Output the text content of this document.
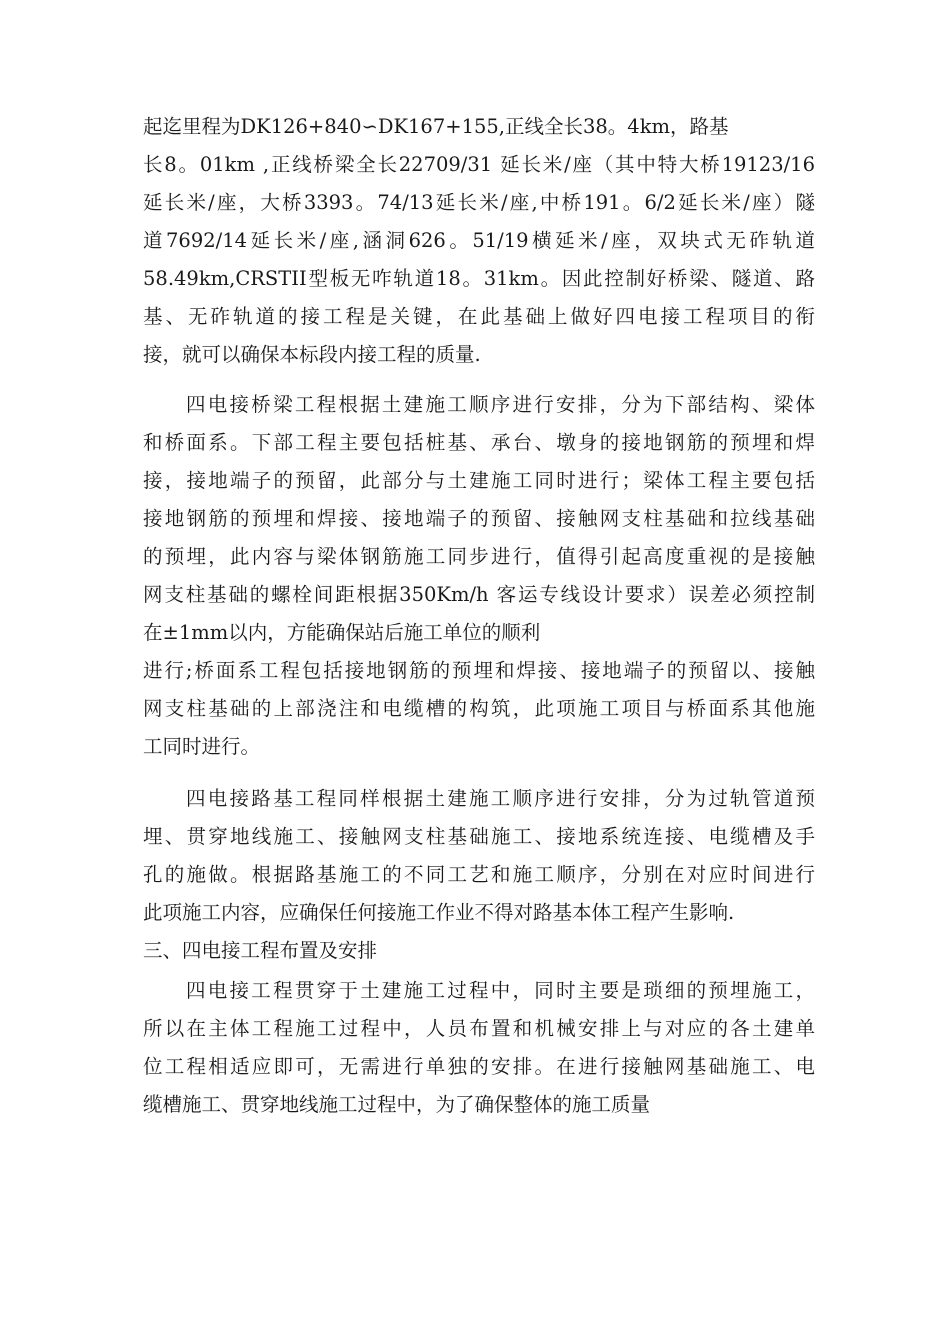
起迄里程为DK126+840∽DK167+155,正线全长38。4km，路基
长8。01km ,正线桥梁全长22709/31 延长米/座（其中特大桥19123/16
延长米/座，大桥3393。74/13延长米/座,中桥191。6/2延长米/座）隧
道7692/14延长米/座,涵洞626。51/19横延米/座，双块式无砟轨道
58.49km,CRSTII型板无咋轨道18。31km。因此控制好桥梁、隧道、路
基、无砟轨道的接工程是关键，在此基础上做好四电接工程项目的衔
接，就可以确保本标段内接工程的质量.
四电接桥梁工程根据土建施工顺序进行安排，分为下部结构、梁体
和桥面系。下部工程主要包括桩基、承台、墩身的接地钢筋的预埋和焊
接，接地端子的预留，此部分与土建施工同时进行；梁体工程主要包括
接地钢筋的预埋和焊接、接地端子的预留、接触网支柱基础和拉线基础
的预埋，此内容与梁体钢筋施工同步进行，值得引起高度重视的是接触
网支柱基础的螺栓间距根据350Km/h 客运专线设计要求）误差必须控制
在±1mm以内，方能确保站后施工单位的顺利
进行;桥面系工程包括接地钢筋的预埋和焊接、接地端子的预留以、接触
网支柱基础的上部浇注和电缆槽的构筑，此项施工项目与桥面系其他施
工同时进行。
四电接路基工程同样根据土建施工顺序进行安排，分为过轨管道预
埋、贯穿地线施工、接触网支柱基础施工、接地系统连接、电缆槽及手
孔的施做。根据路基施工的不同工艺和施工顺序，分别在对应时间进行
此项施工内容，应确保任何接施工作业不得对路基本体工程产生影响.
三、四电接工程布置及安排
四电接工程贯穿于土建施工过程中，同时主要是琐细的预埋施工，
所以在主体工程施工过程中，人员布置和机械安排上与对应的各土建单
位工程相适应即可，无需进行单独的安排。在进行接触网基础施工、电
缆槽施工、贯穿地线施工过程中，为了确保整体的施工质量
